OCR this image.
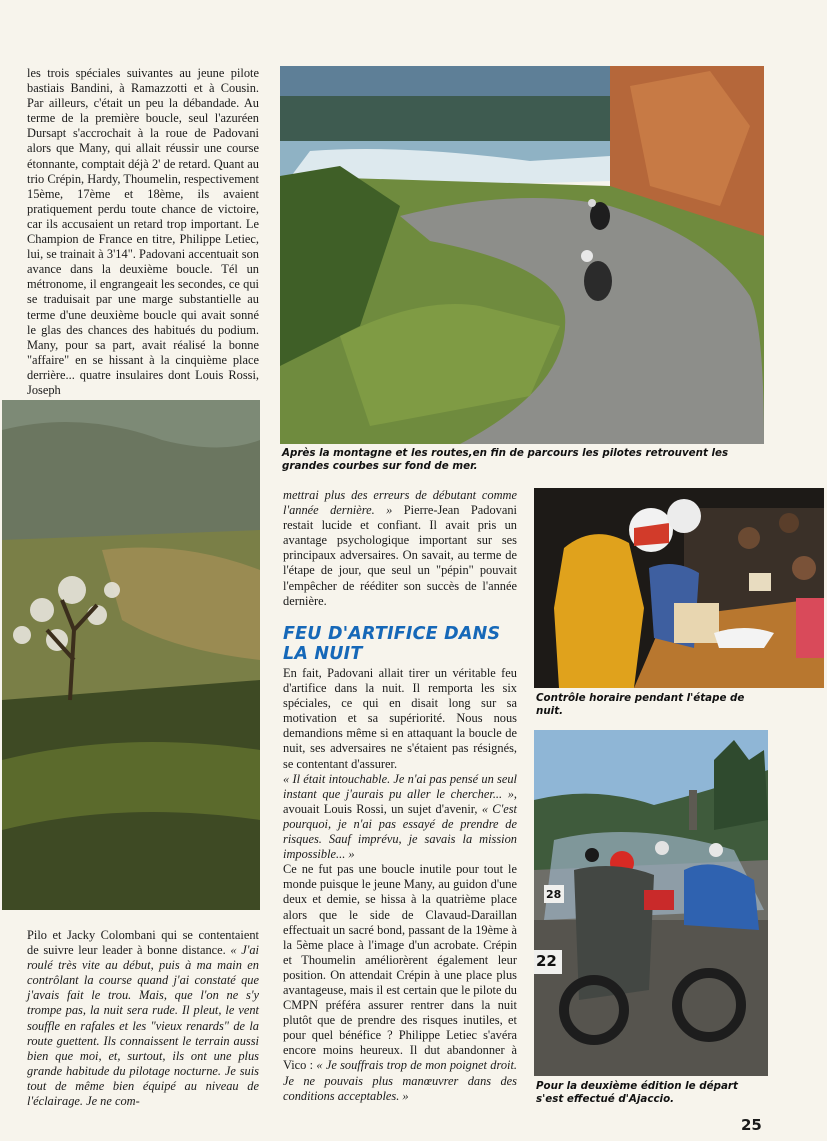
les trois spéciales suivantes au jeune pilote bastiais Bandini, à Ramazzotti et à Cousin. Par ailleurs, c'était un peu la débandade. Au terme de la première boucle, seul l'azuréen Dursapt s'accrochait à la roue de Padovani alors que Many, qui allait réussir une course étonnante, comptait déjà 2' de retard. Quant au trio Crépin, Hardy, Thoumelin, respectivement 15ème, 17ème et 18ème, ils avaient pratiquement perdu toute chance de victoire, car ils accusaient un retard trop important. Le Champion de France en titre, Philippe Letiec, lui, se trainait à 3'14". Padovani accentuait son avance dans la deuxième boucle. Tél un métronome, il engrangeait les secondes, ce qui se traduisait par une marge substantielle au terme d'une deuxième boucle qui avait sonné le glas des chances des habitués du podium. Many, pour sa part, avait réalisé la bonne "affaire" en se hissant à la cinquième place derrière... quatre insulaires dont Louis Rossi, Joseph

Après la montagne et les routes,en fin de parcours les pilotes retrouvent les grandes courbes sur fond de mer.

Pilo et Jacky Colombani qui se contentaient de suivre leur leader à bonne distance. « J'ai roulé très vite au début, puis à ma main en contrôlant la course quand j'ai constaté que j'avais fait le trou. Mais, que l'on ne s'y trompe pas, la nuit sera rude. Il pleut, le vent souffle en rafales et les "vieux renards" de la route guettent. Ils connaissent le terrain aussi bien que moi, et, surtout, ils ont une plus grande habitude du pilotage nocturne. Je suis tout de même bien équipé au niveau de l'éclairage. Je ne com-

mettrai plus des erreurs de débutant comme l'année dernière. » Pierre-Jean Padovani restait lucide et confiant. Il avait pris un avantage psychologique important sur ses principaux adversaires. On savait, au terme de l'étape de jour, que seul un "pépin" pouvait l'empêcher de rééditer son succès de l'année dernière.

FEU D'ARTIFICE DANS
LA NUIT

En fait, Padovani allait tirer un véritable feu d'artifice dans la nuit. Il remporta les six spéciales, ce qui en disait long sur sa motivation et sa supériorité. Nous nous demandions même si en attaquant la boucle de nuit, ses adversaires ne s'étaient pas résignés, se contentant d'assurer.

« Il était intouchable. Je n'ai pas pensé un seul instant que j'aurais pu aller le chercher... », avouait Louis Rossi, un sujet d'avenir, « C'est pourquoi, je n'ai pas essayé de prendre de risques. Sauf imprévu, je savais la mission impossible... »

Ce ne fut pas une boucle inutile pour tout le monde puisque le jeune Many, au guidon d'une deux et demie, se hissa à la quatrième place alors que le side de Clavaud-Daraillan effectuait un sacré bond, passant de la 19ème à la 5ème place à l'image d'un acrobate. Crépin et Thoumelin améliorèrent également leur position. On attendait Crépin à une place plus avantageuse, mais il est certain que le pilote du CMPN préféra assurer rentrer dans la nuit plutôt que de prendre des risques inutiles, et pour quel bénéfice ? Philippe Letiec s'avéra encore moins heureux. Il dut abandonner à Vico : « Je souffrais trop de mon poignet droit. Je ne pouvais plus manœuvrer dans des conditions acceptables. »

Contrôle horaire pendant l'étape de nuit.
28
22
Pour la deuxième édition le départ s'est effectué d'Ajaccio.
25
